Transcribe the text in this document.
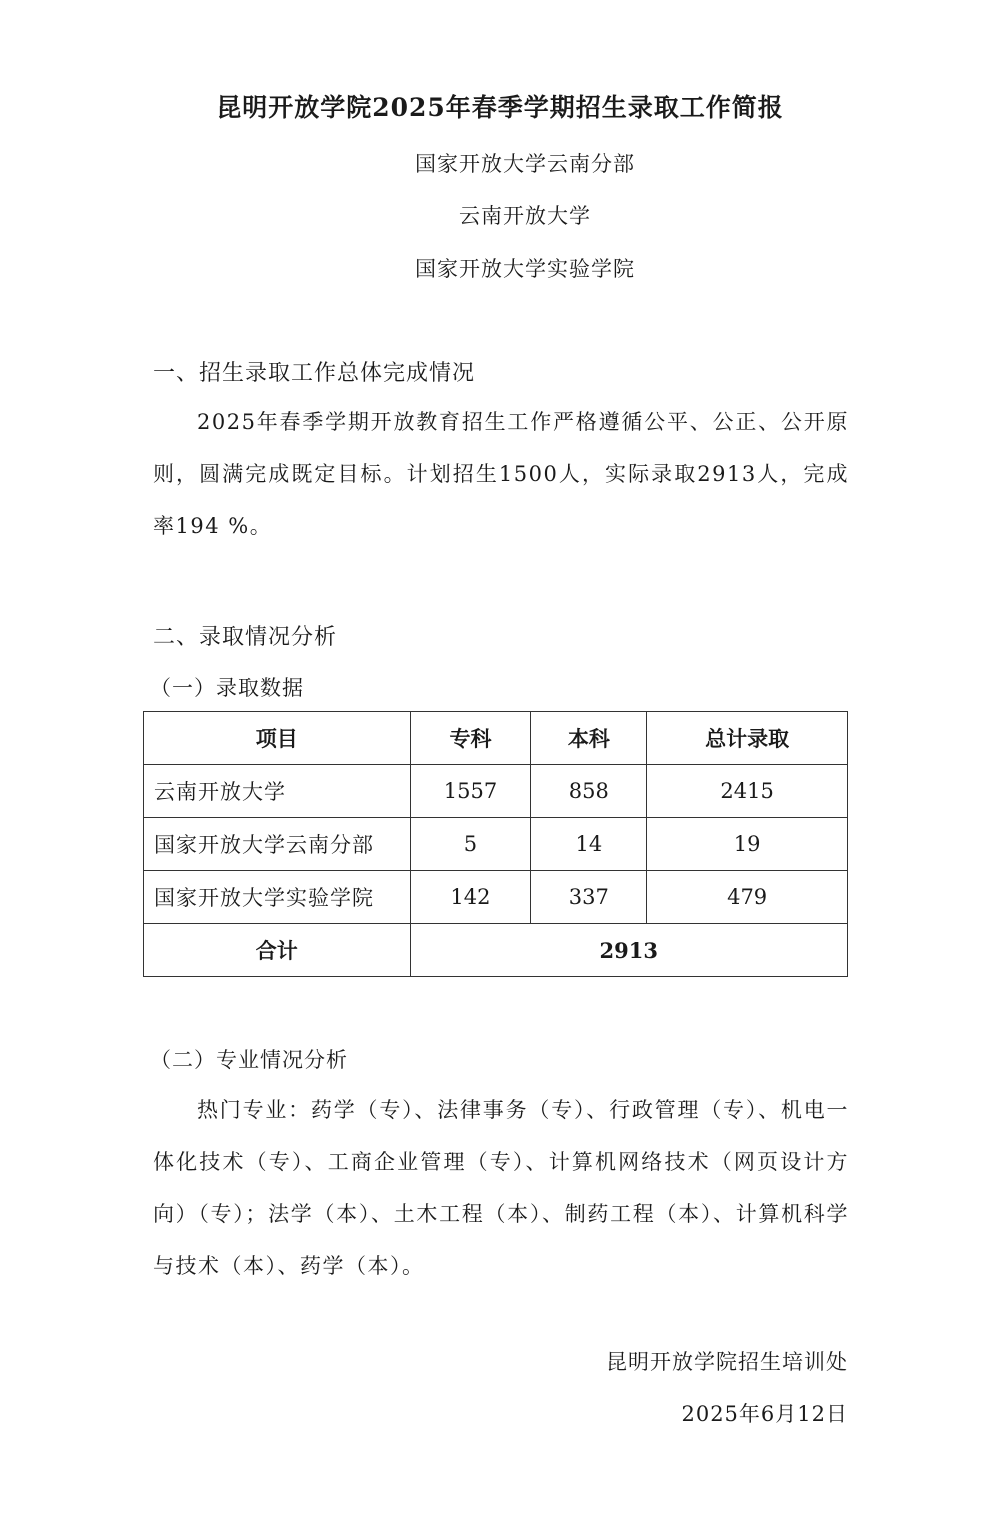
昆明开放学院2025年春季学期招生录取工作简报
国家开放大学云南分部
云南开放大学
国家开放大学实验学院
一、招生录取工作总体完成情况

2025年春季学期开放教育招生工作严格遵循公平、公正、公开原则，圆满完成既定目标。计划招生1500人，实际录取2913人，完成率194 %。

二、录取情况分析
（一）录取数据
项目	专科	本科	总计录取
云南开放大学	1557	858	2415
国家开放大学云南分部	5	14	19
国家开放大学实验学院	142	337	479
合计	2913		
（二）专业情况分析

热门专业：药学（专）、法律事务（专）、行政管理（专）、机电一体化技术（专）、工商企业管理（专）、计算机网络技术（网页设计方向）（专）；法学（本）、土木工程（本）、制药工程（本）、计算机科学与技术（本）、药学（本）。

昆明开放学院招生培训处
2025年6月12日
